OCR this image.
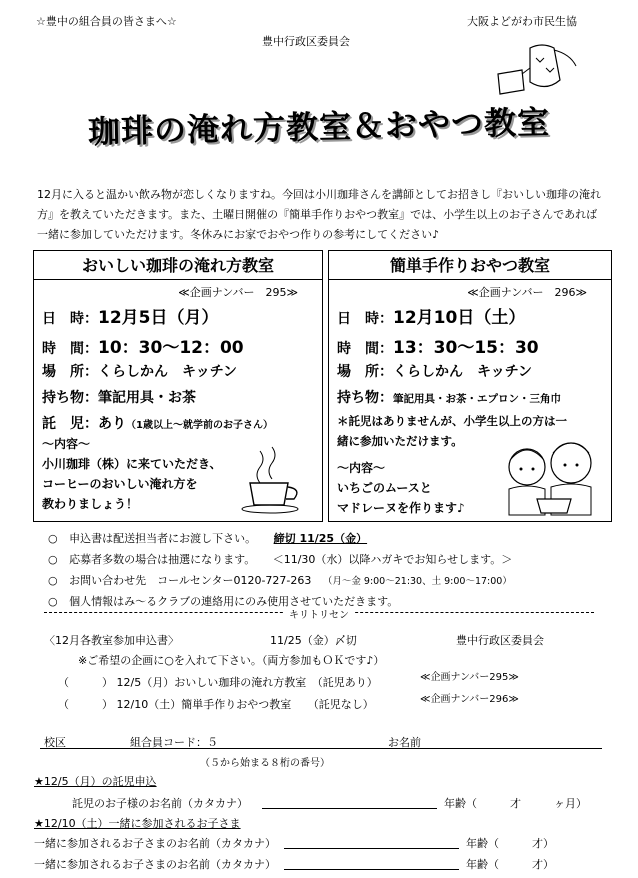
☆豊中の組合員の皆さまへ☆	大阪よどがわ市民生協
豊中行政区委員会
珈琲の淹れ方教室＆おやつ教室
12月に入ると温かい飲み物が恋しくなりますね。今回は小川珈琲さんを講師としてお招きし『おいしい珈琲の淹れ方』を教えていただきます。また、土曜日開催の『簡単手作りおやつ教室』では、小学生以上のお子さんであれば一緒に参加していただけます。冬休みにお家でおやつ作りの参考にしてください♪
おいしい珈琲の淹れ方教室
≪企画ナンバー　295≫
日　時：12月5日（月）
時　間：10：30～12：00
場　所：くらしかん　キッチン
持ち物：筆記用具・お茶
託　児：あり（1歳以上～就学前のお子さん）
～内容～
小川珈琲（株）に来ていただき、
コーヒーのおいしい淹れ方を
教わりましょう！
簡単手作りおやつ教室
≪企画ナンバー　296≫
日　時：12月10日（土）
時　間：13：30～15：30
場　所：くらしかん　キッチン
持ち物：筆記用具・お茶・エプロン・三角巾
＊託児はありませんが、小学生以上の方は一
緒に参加いただけます。
～内容～
いちごのムースと
マドレーヌを作ります♪
○ 申込書は配送担当者にお渡し下さい。 締切 11/25（金）
○ 応募者多数の場合は抽選になります。 ＜11/30（水）以降ハガキでお知らせします。＞
○ お問い合わせ先　コールセンター0120-727-263 （月～金 9:00～21:30、土 9:00～17:00）
○ 個人情報はみ～るクラブの連絡用にのみ使用させていただきます。
キリトリセン
〈12月各教室参加申込書〉	11/25（金）〆切	豊中行政区委員会
※ご希望の企画に○を入れて下さい。（両方参加もＯＫです♪）
（　　　） 12/5（月）おいしい珈琲の淹れ方教室　（託児あり）	≪企画ナンバー295≫
（　　　） 12/10（土）簡単手作りおやつ教室　　（託児なし）	≪企画ナンバー296≫
校区	組合員コード：５	お名前
（５から始まる８桁の番号）
★12/5（月）の託児申込
託児のお子様のお名前（カタカナ）	年齢（　　　才　　　ヶ月）
★12/10（土）一緒に参加されるお子さま
一緒に参加されるお子さまのお名前（カタカナ）	年齢（　　　才）
一緒に参加されるお子さまのお名前（カタカナ）	年齢（　　　才）
